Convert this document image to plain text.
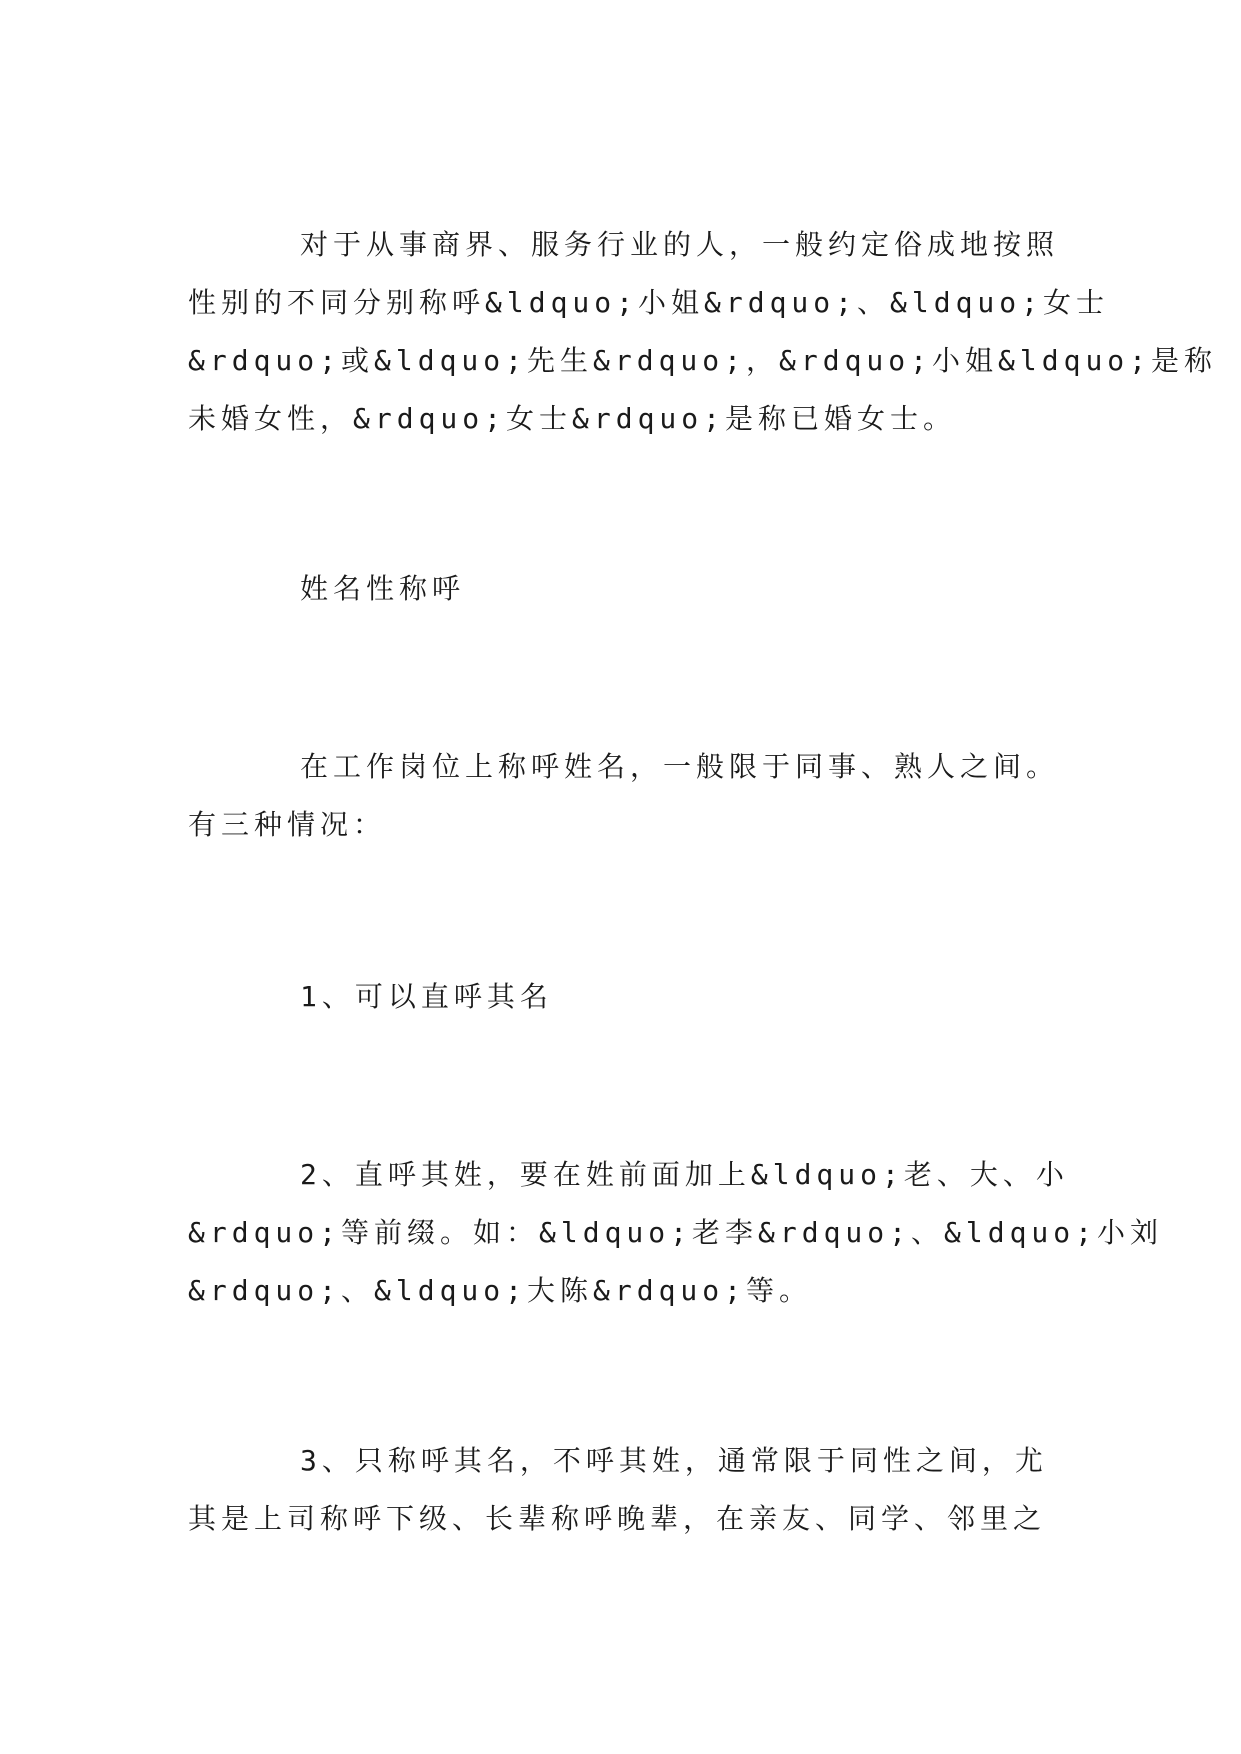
对于从事商界、服务行业的人，一般约定俗成地按照
性别的不同分别称呼&ldquo;小姐&rdquo;、&ldquo;女士
&rdquo;或&ldquo;先生&rdquo;，&rdquo;小姐&ldquo;是称
未婚女性，&rdquo;女士&rdquo;是称已婚女士。
姓名性称呼
在工作岗位上称呼姓名，一般限于同事、熟人之间。
有三种情况：
1、可以直呼其名
2、直呼其姓，要在姓前面加上&ldquo;老、大、小
&rdquo;等前缀。如：&ldquo;老李&rdquo;、&ldquo;小刘
&rdquo;、&ldquo;大陈&rdquo;等。
3、只称呼其名，不呼其姓，通常限于同性之间，尤
其是上司称呼下级、长辈称呼晚辈，在亲友、同学、邻里之
